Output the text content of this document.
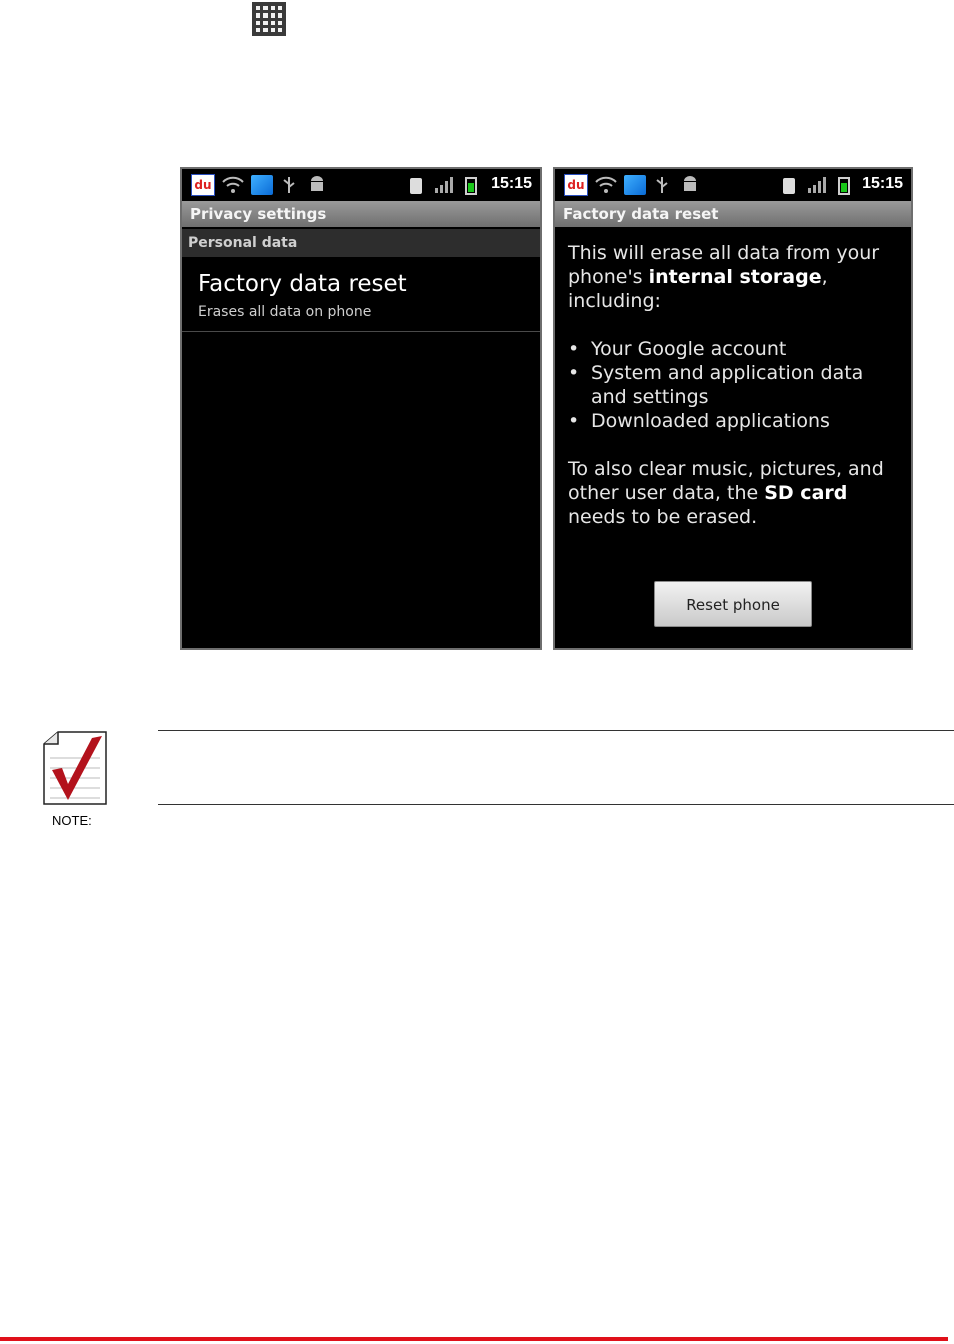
du	15:15
Privacy settings
Personal data
Factory data reset
Erases all data on phone
du	15:15
Factory data reset

This will erase all data from your phone's internal storage, including:

• Your Google account
• System and application data and settings
• Downloaded applications

To also clear music, pictures, and other user data, the SD card needs to be erased.

Reset phone
NOTE:
